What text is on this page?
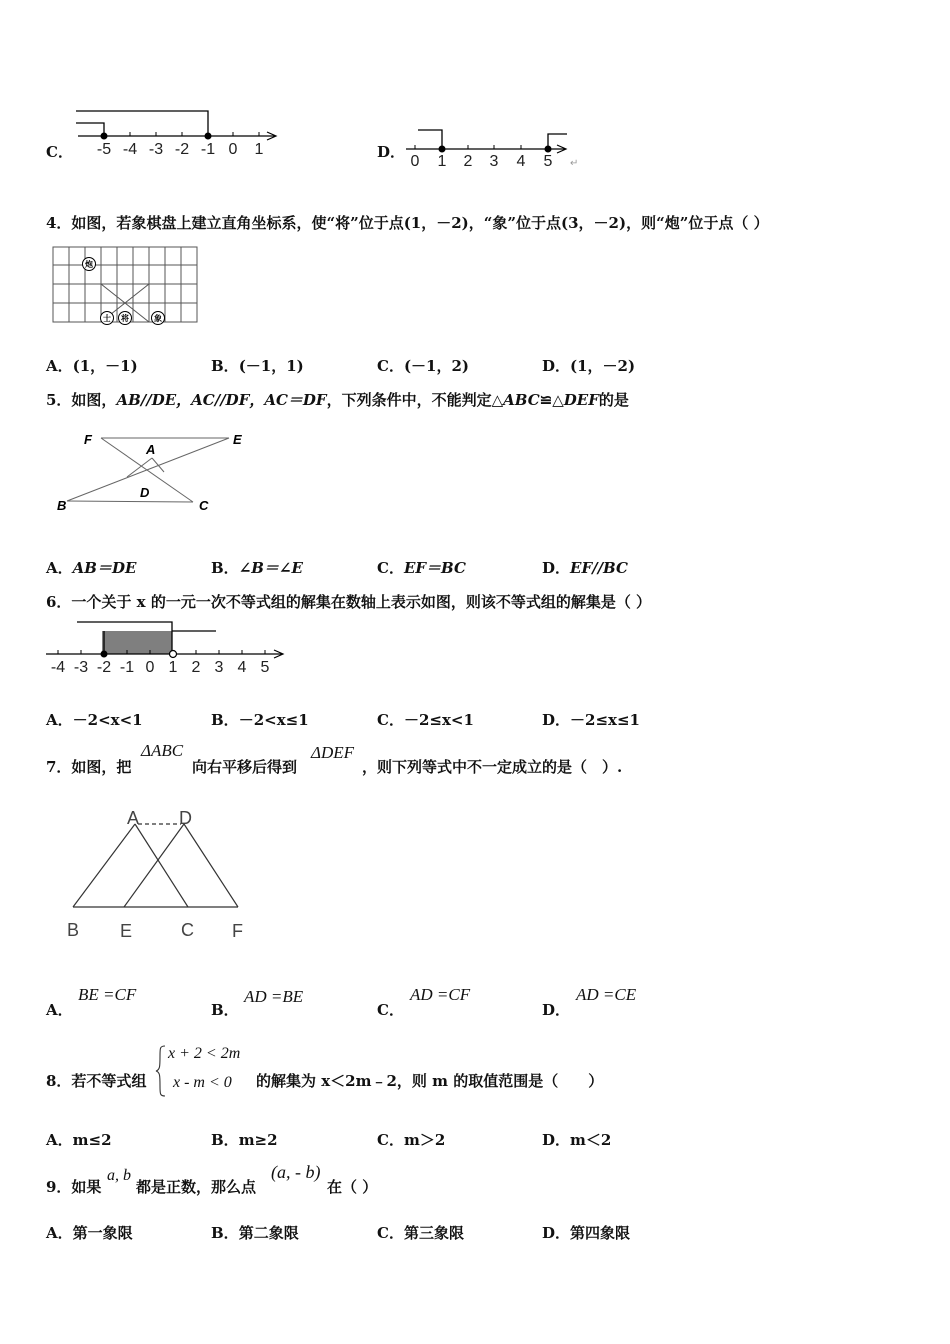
C． -5 -4 -3 -2 -1 0 1	D．
0 1 2 3 4 5 ↵
4．如图，若象棋盘上建立直角坐标系，使“将”位于点(1，－2)，“象”位于点(3，－2)，则“炮”位于点（ ）
炮
士 将	象
A．(1，－1)	B．(－1，1)	C．(－1，2)	D．(1，－2)
5．如图，AB//DE，AC//DF，AC＝DF，下列条件中，不能判定△ABC≌△DEF的是
F
A
E
D
B	C
A．AB＝DE	B．∠B＝∠E	C．EF＝BC	D．EF//BC
6．一个关于 x 的一元一次不等式组的解集在数轴上表示如图，则该不等式组的解集是（ ）
-4 -3 -2 -1 0 1 2 3 4 5
A．－2<x<1	B．－2<x≤1	C．－2≤x<1	D．－2≤x≤1
7．如图，把
ΔABC
向右平移后得到
ΔDEF
，则下列等式中不一定成立的是（　）.
A D
B E	C F
A．
BE =CF
B．
AD =BE
C．
AD =CF
D．
AD =CE
8．若不等式组
x + 2 < 2m
x - m < 0 的解集为 x＜2m﹣2，则 m 的取值范围是（　　）
A．m≤2	B．m≥2	C．m＞2	D．m＜2
9．如果
a, b
都是正数，那么点
(a, - b)
在（ ）
A．第一象限	B．第二象限	C．第三象限	D．第四象限
